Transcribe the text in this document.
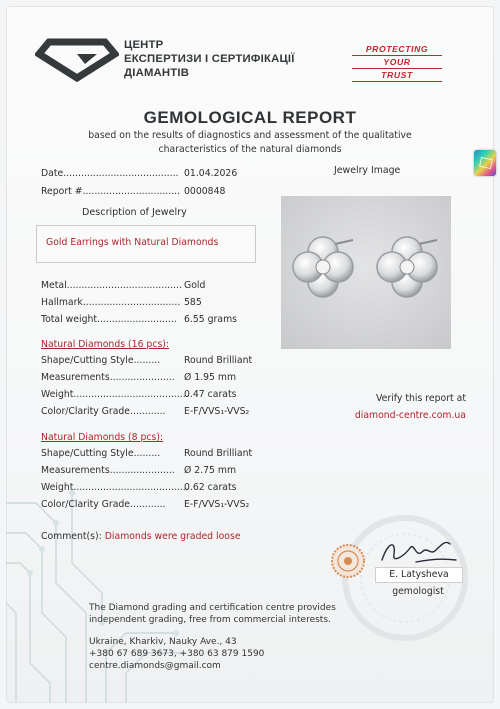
ЦЕНТР
ЕКСПЕРТИЗИ І СЕРТИФІКАЦІЇ
ДІАМАНТІВ
PROTECTING
YOUR
TRUST
GEMOLOGICAL REPORT
based on the results of diagnostics and assessment of the qualitative
characteristics of the natural diamonds
Date....................................... 01.04.2026
Report #................................. 0000848
Description of Jewelry
Gold Earrings with Natural Diamonds
Metal....................................... Gold
Hallmark................................. 585
Total weight........................... 6.55 grams
Natural Diamonds (16 pcs):
Shape/Cutting Style.........	Round Brilliant
Measurements...................... Ø 1.95 mm
Weight.......................................
0.47 carats
Color/Clarity Grade............ E-F/VVS₁-VVS₂
Natural Diamonds (8 pcs):
Shape/Cutting Style.........	Round Brilliant
Measurements...................... Ø 2.75 mm
Weight.......................................
0.62 carats
Color/Clarity Grade............ E-F/VVS₁-VVS₂
Jewelry Image
Verify this report at
diamond-centre.com.ua
Comment(s): Diamonds were graded loose
E. Latysheva
gemologist
The Diamond grading and certification centre provides
independent grading, free from commercial interests.
Ukraine, Kharkiv, Nauky Ave., 43
+380 67 689 3673, +380 63 879 1590
centre.diamonds@gmail.com
